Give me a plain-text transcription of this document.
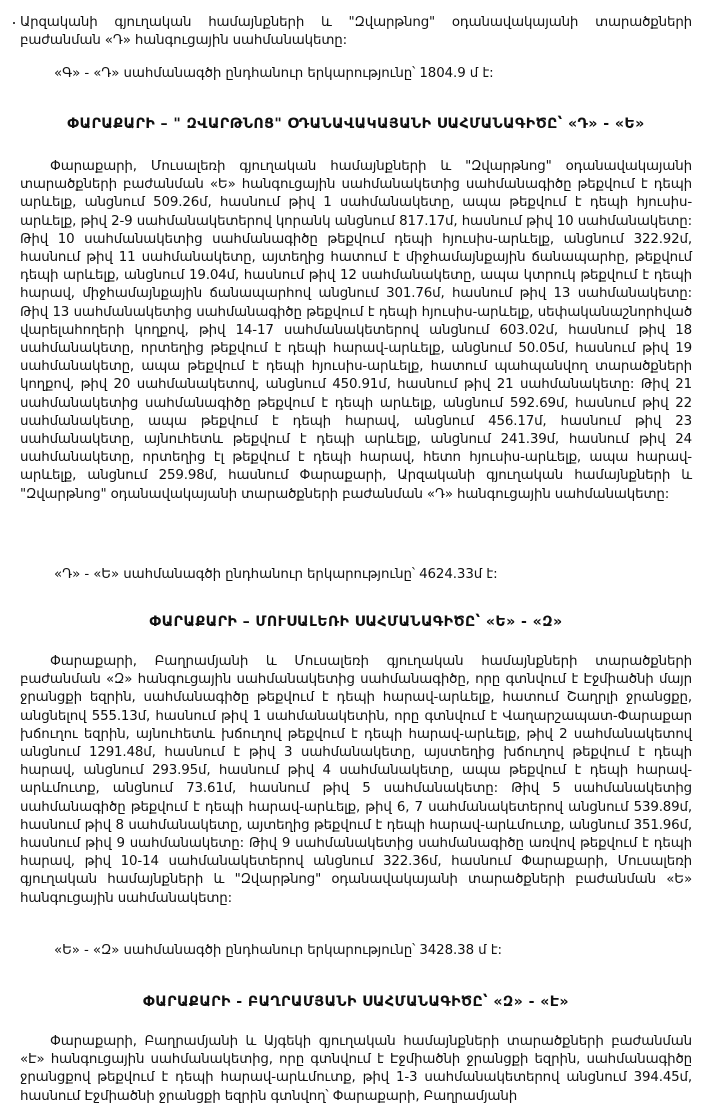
Արզականի գյուղական համայնքների և "Զվարթնոց" օդանավակայանի տարածքների բաժանման «Դ» հանգուցային սահմանակետը:

«Գ» - «Դ» սահմանագծի ընդհանուր երկարությունը՝ 1804.9 մ է:

ՓԱՐԱՔԱՐԻ – " ԶՎԱՐԹՆՈՑ" ՕԴԱՆԱՎԱԿԱՅԱՆԻ ՍԱՀՄԱՆԱԳԻԾԸ՝ «Դ» - «Ե»

Փարաքարի, Մուսալեռի գյուղական համայնքների և "Զվարթնոց" օդանավակայանի տարածքների բաժանման «Ե» հանգուցային սահմանակետից սահմանագիծը թեքվում է դեպի արևելք, անցնում 509.26մ, հասնում թիվ 1 սահմանակետը, ապա թեքվում է դեպի հյուսիս-արևելք, թիվ 2-9 սահմանակետերով կորանկ անցնում 817.17մ, հասնում թիվ 10 սահմանակետը: Թիվ 10 սահմանակետից սահմանագիծը թեքվում դեպի հյուսիս-արևելք, անցնում 322.92մ, հասնում թիվ 11 սահմանակետը, այտեղից հատում է միջհամայնքային ճանապարհը, թեքվում դեպի արևելք, անցնում 19.04մ, հասնում թիվ 12 սահմանակետը, ապա կտրուկ թեքվում է դեպի հարավ, միջհամայնքային ճանապարհով անցնում 301.76մ, հասնում թիվ 13 սահմանակետը: Թիվ 13 սահմանակետից սահմանագիծը թեքվում է դեպի հյուսիս-արևելք, սեփականաշնորհված վարելահողերի կողքով, թիվ 14-17 սահմանակետերով անցնում 603.02մ, հասնում թիվ 18 սահմանակետը, որտեղից թեքվում է դեպի հարավ-արևելք, անցնում 50.05մ, հասնում թիվ 19 սահմանակետը, ապա թեքվում է դեպի հյուսիս-արևելք, հատում պահպանվող տարածքների կողքով, թիվ 20 սահմանակետով, անցնում 450.91մ, հասնում թիվ 21 սահմանակետը: Թիվ 21 սահմանակետից սահմանագիծը թեքվում է դեպի արևելք, անցնում 592.69մ, հասնում թիվ 22 սահմանակետը, ապա թեքվում է դեպի հարավ, անցնում 456.17մ, հասնում թիվ 23 սահմանակետը, այնուհետև թեքվում է դեպի արևելք, անցնում 241.39մ, հասնում թիվ 24 սահմանակետը, որտեղից էլ թեքվում է դեպի հարավ, հետո հյուսիս-արևելք, ապա հարավ-արևելք, անցնում 259.98մ, հասնում Փարաքարի, Արզականի գյուղական համայնքների և "Զվարթնոց" օդանավակայանի տարածքների բաժանման «Դ» հանգուցային սահմանակետը:

«Դ» - «Ե» սահմանագծի ընդհանուր երկարությունը՝ 4624.33մ է:

ՓԱՐԱՔԱՐԻ – ՄՈՒՍԱԼԵՌԻ ՍԱՀՄԱՆԱԳԻԾԸ՝ «Ե» - «Զ»

Փարաքարի, Բաղրամյանի և Մուսալեռի գյուղական համայնքների տարածքների բաժանման «Զ» հանգուցային սահմանակետից սահմանագիծը, որը գտնվում է Էջմիածնի մայր ջրանցքի եզրին, սահմանագիծը թեքվում է դեպի հարավ-արևելք, հատում Շաղրլի ջրանցքը, անցնելով 555.13մ, հասնում թիվ 1 սահմանակետին, որը գտնվում է Վաղարշապատ-Փարաքար խճուղու եզրին, այնուհետև խճուղով թեքվում է դեպի հարավ-արևելք, թիվ 2 սահմանակետով անցնում 1291.48մ, հասնում է թիվ 3 սահմանակետը, այստեղից խճուղով թեքվում է դեպի հարավ, անցնում 293.95մ, հասնում թիվ 4 սահմանակետը, ապա թեքվում է դեպի հարավ-արևմուտք, անցնում 73.61մ, հասնում թիվ 5 սահմանակետը: Թիվ 5 սահմանակետից սահմանագիծը թեքվում է դեպի հարավ-արևելք, թիվ 6, 7 սահմանակետերով անցնում 539.89մ, հասնում թիվ 8 սահմանակետը, այտեղից թեքվում է դեպի հարավ-արևմուտք, անցնում 351.96մ, հասնում թիվ 9 սահմանակետը: Թիվ 9 սահմանակետից սահմանագիծը առվով թեքվում է դեպի հարավ, թիվ 10-14 սահմանակետերով անցնում 322.36մ, հասնում Փարաքարի, Մուսալեռի գյուղական համայնքների և "Զվարթնոց" օդանավակայանի տարածքների բաժանման «Ե» հանգուցային սահմանակետը:

«Ե» - «Զ» սահմանագծի ընդհանուր երկարությունը՝ 3428.38 մ է:

ՓԱՐԱՔԱՐԻ - ԲԱՂՐԱՄՅԱՆԻ ՍԱՀՄԱՆԱԳԻԾԸ՝ «Զ» - «Է»

Փարաքարի, Բաղրամյանի և Այգեկի գյուղական համայնքների տարածքների բաժանման «Է» հանգուցային սահմանակետից, որը գտնվում է Էջմիածնի ջրանցքի եզրին, սահմանագիծը ջրանցքով թեքվում է դեպի հարավ-արևմուտք, թիվ 1-3 սահմանակետերով անցնում 394.45մ, հասնում Էջմիածնի ջրանցքի եզրին գտնվող՝ Փարաքարի, Բաղրամյանի
